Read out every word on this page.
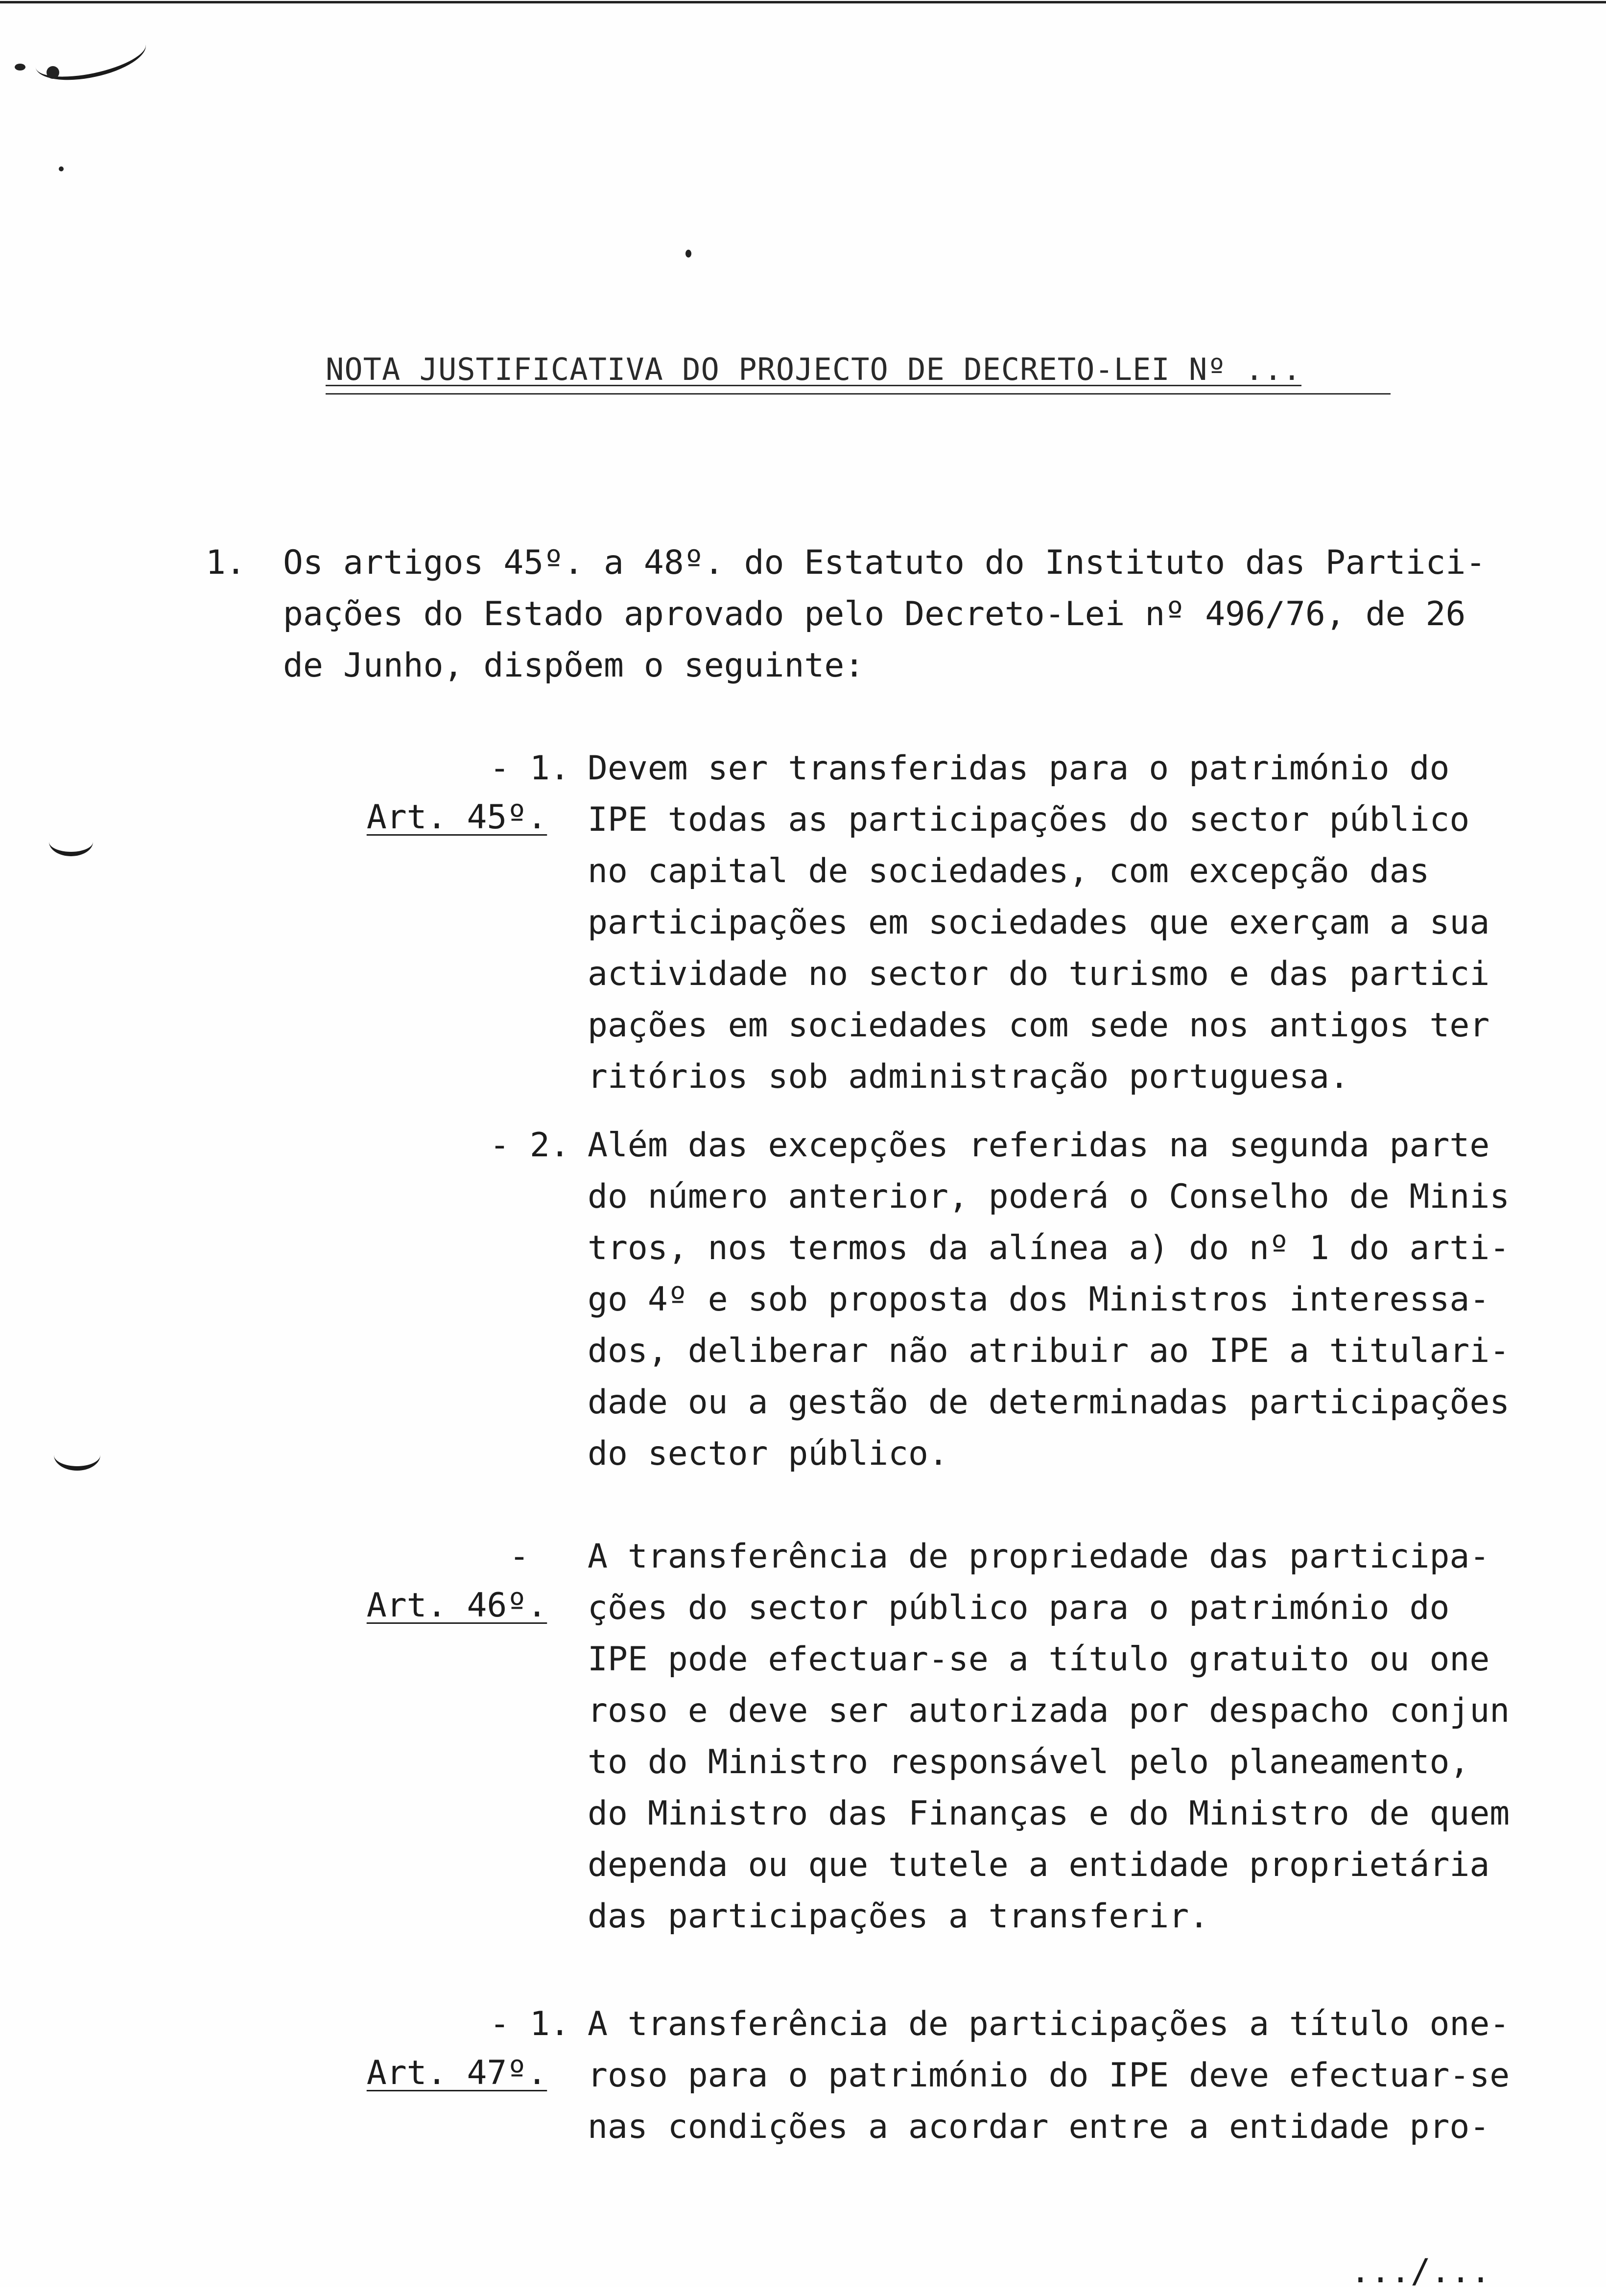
NOTA JUSTIFICATIVA DO PROJECTO DE DECRETO-LEI Nº ...
1. Os artigos 45º. a 48º. do Estatuto do Instituto das Partici-
pações do Estado aprovado pelo Decreto-Lei nº 496/76, de 26
de Junho, dispõem o seguinte:

Art. 45º.

- 1. Devem ser transferidas para o património do
IPE todas as participações do sector público
no capital de sociedades, com excepção das
participações em sociedades que exerçam a sua
actividade no sector do turismo e das partici
pações em sociedades com sede nos antigos ter
ritórios sob administração portuguesa.
- 2. Além das excepções referidas na segunda parte
do número anterior, poderá o Conselho de Minis
tros, nos termos da alínea a) do nº 1 do arti-
go 4º e sob proposta dos Ministros interessa-
dos, deliberar não atribuir ao IPE a titulari-
dade ou a gestão de determinadas participações
do sector público.

Art. 46º.

- A transferência de propriedade das participa-
ções do sector público para o património do
IPE pode efectuar-se a título gratuito ou one
roso e deve ser autorizada por despacho conjun
to do Ministro responsável pelo planeamento,
do Ministro das Finanças e do Ministro de quem
dependa ou que tutele a entidade proprietária
das participações a transferir.

Art. 47º.

- 1. A transferência de participações a título one-
roso para o património do IPE deve efectuar-se
nas condições a acordar entre a entidade pro-
.../...
